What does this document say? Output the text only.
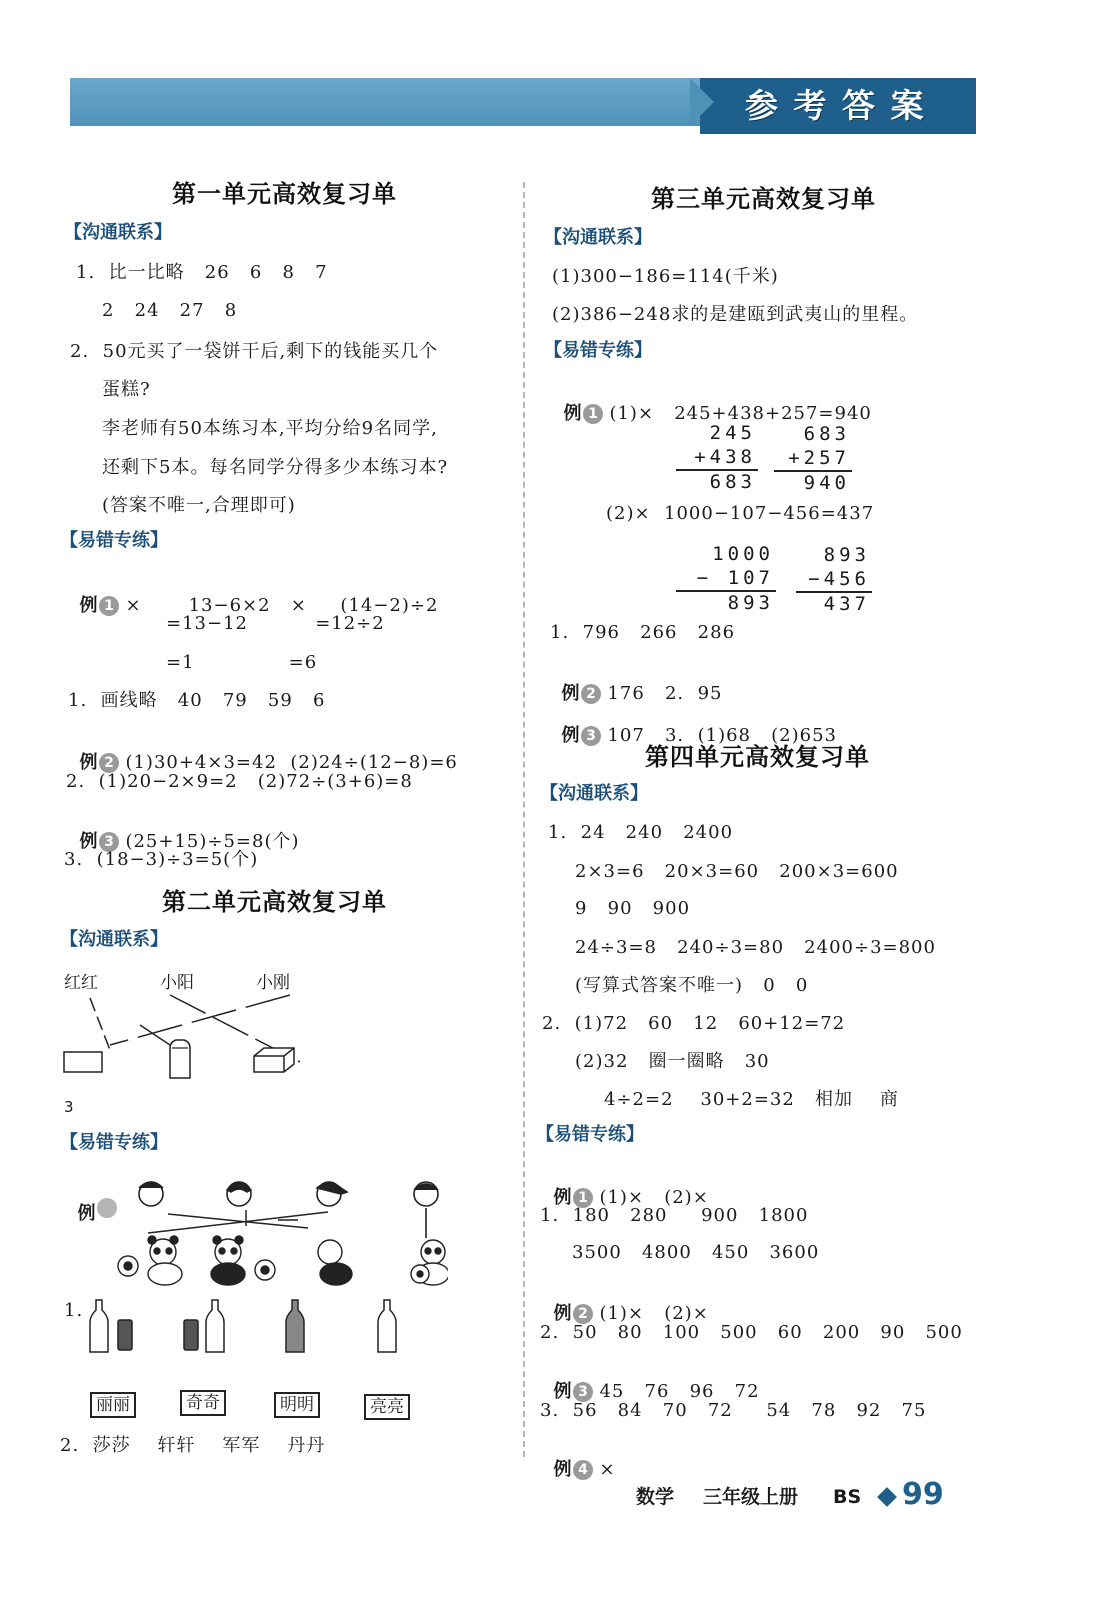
参 考 答 案
第一单元高效复习单
【沟通联系】
1.  比一比略   26   6   8   7
2   24   27   8
2.  50元买了一袋饼干后,剩下的钱能买几个
蛋糕?
李老师有50本练习本,平均分给9名同学,
还剩下5本。每名同学分得多少本练习本?
(答案不唯一,合理即可)
【易错专练】

例 1 ×       13−6×2   ×     (14−2)÷2

=13−12          =12÷2
=1              =6
1.  画线略   40   79   59   6

例 2 (1)30+4×3=42  (2)24÷(12−8)=6

2.  (1)20−2×9=2   (2)72÷(3+6)=8

例 3 (25+15)÷5=8(个)

3.  (18−3)÷3=5(个)
第二单元高效复习单
【沟通联系】
红红	小阳	小刚
3
【易错专练】

例

1.
丽丽	奇奇	明明	亮亮
2.  莎莎    轩轩    军军    丹丹
第三单元高效复习单
【沟通联系】
(1)300−186=114(千米)
(2)386−248求的是建瓯到武夷山的里程。
【易错专练】

例 1 (1)×   245+438+257=940

245
+438
683
683
+257
940
(2)×  1000−107−456=437
1000
− 107
893
893
−456
437
1.  796   266   286

例 2 176   2.  95

例 3 107   3.  (1)68   (2)653

第四单元高效复习单
【沟通联系】
1.  24   240   2400
2×3=6   20×3=60   200×3=600
9   90   900
24÷3=8   240÷3=80   2400÷3=800
(写算式答案不唯一)   0   0
2.  (1)72   60   12   60+12=72
(2)32   圈一圈略   30
4÷2=2    30+2=32   相加    商
【易错专练】

例 1 (1)×   (2)×

1.  180   280     900   1800
3500   4800   450   3600

例 2 (1)×   (2)×

2.  50   80   100   500   60   200   90   500

例 3 45   76   96   72

3.  56   84   70   72     54   78   92   75

例 4 ×

数学 三年级上册 BS 99
